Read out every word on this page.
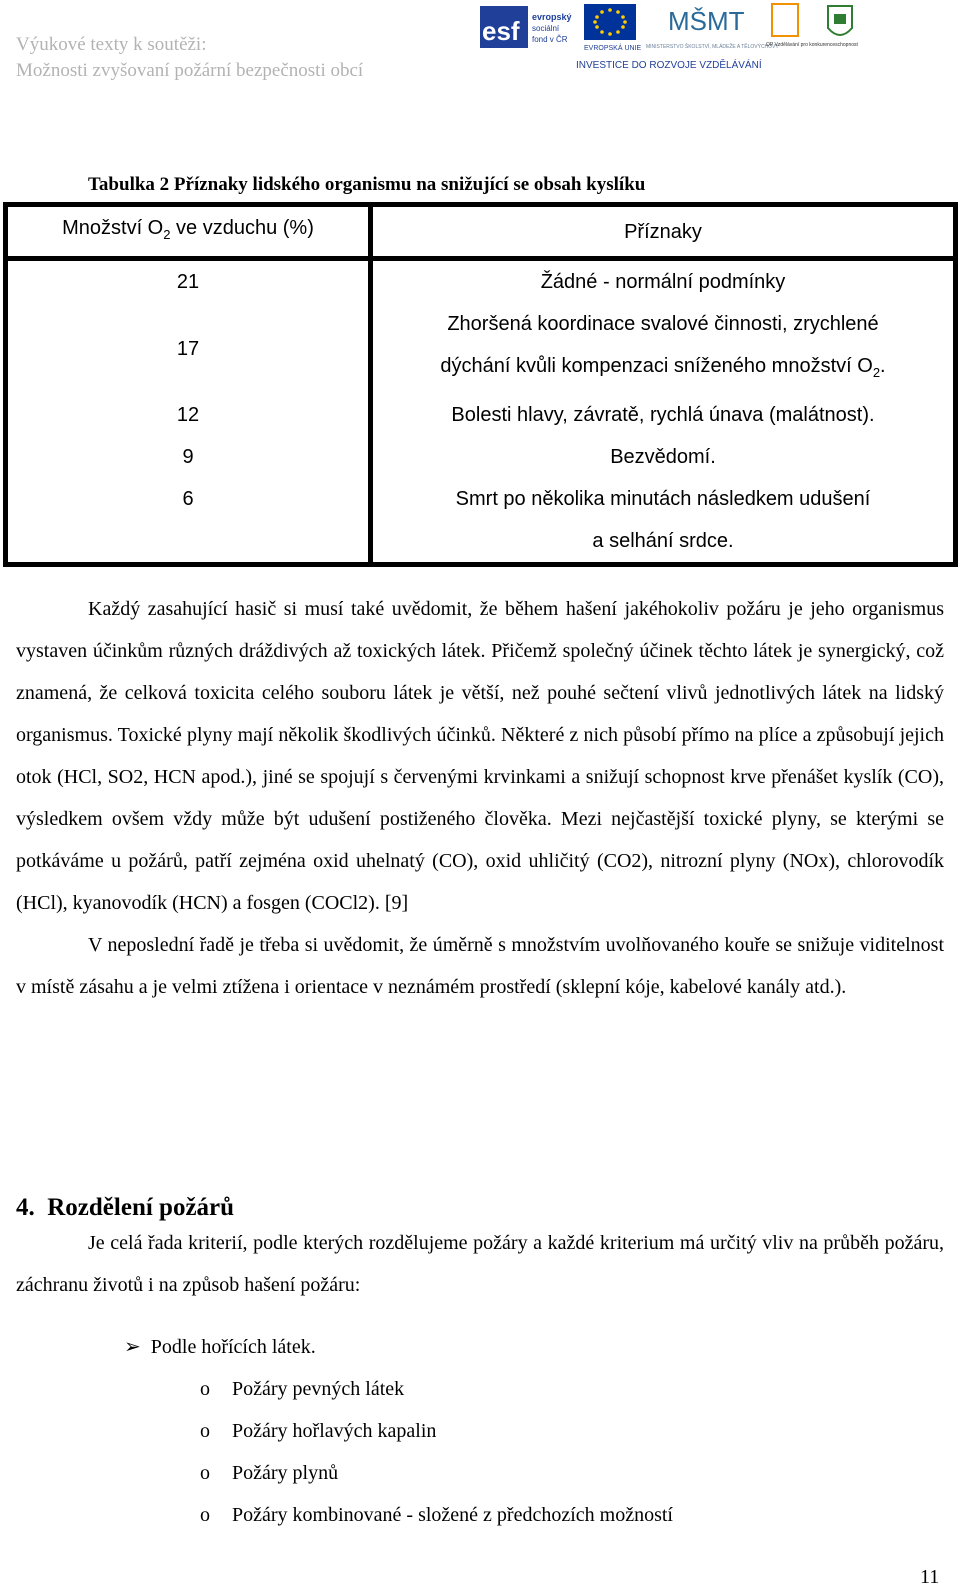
Výukové texty k soutěži:
Možnosti zvyšovaní požární bezpečnosti obcí
esf evropský
sociální
fond v ČR
EVROPSKÁ UNIE
MŠMT
MINISTERSTVO ŠKOLSTVÍ, MLÁDEŽE A TĚLOVÝCHOVY
OP Vzdělávání pro konkurenceschopnost
INVESTICE DO ROZVOJE VZDĚLÁVÁNÍ
Tabulka 2 Příznaky lidského organismu na snižující se obsah kyslíku
Množství $O_2$ ve vzduchu (%)	Příznaky
21	Žádné - normální podmínky
17	Zhoršená koordinace svalové činnosti, zrychlené
dýchání kvůli kompenzaci sníženého množství $O_2$.

12	Bolesti hlavy, závratě, rychlá únava (malátnost).
9	Bezvědomí.
6	Smrt po několika minutách následkem udušení
a selhání srdce.

Každý zasahující hasič si musí také uvědomit, že během hašení jakéhokoliv požáru je jeho organismus vystaven účinkům různých dráždivých až toxických látek. Přičemž společný účinek těchto látek je synergický, což znamená, že celková toxicita celého souboru látek je větší, než pouhé sečtení vlivů jednotlivých látek na lidský organismus. Toxické plyny mají několik škodlivých účinků. Některé z nich působí přímo na plíce a způsobují jejich otok (HCl, SO2, HCN apod.), jiné se spojují s červenými krvinkami a snižují schopnost krve přenášet kyslík (CO), výsledkem ovšem vždy může být udušení postiženého člověka. Mezi nejčastější toxické plyny, se kterými se potkáváme u požárů, patří zejména oxid uhelnatý (CO), oxid uhličitý (CO2), nitrozní plyny (NOx), chlorovodík (HCl), kyanovodík (HCN) a fosgen (COCl2). [9]

V neposlední řadě je třeba si uvědomit, že úměrně s množstvím uvolňovaného kouře se snižuje viditelnost v místě zásahu a je velmi ztížena i orientace v neznámém prostředí (sklepní kóje, kabelové kanály atd.).

4. Rozdělení požárů

Je celá řada kriterií, podle kterých rozdělujeme požáry a každé kriterium má určitý vliv na průběh požáru, záchranu životů i na způsob hašení požáru:

➢ Podle hořících látek.
o Požáry pevných látek
o Požáry hořlavých kapalin
o Požáry plynů
o Požáry kombinované - složené z předchozích možností
11
